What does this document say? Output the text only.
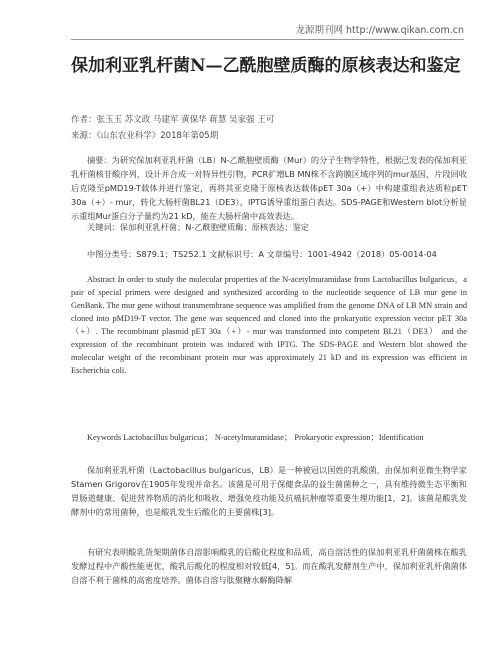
龙源期刊网 http://www.qikan.com.cn
保加利亚乳杆菌N—乙酰胞壁质酶的原核表达和鉴定
作者：张玉玉 苏文政 马建军 黄保华 蒋慧 吴家强 王可
来源：《山东农业科学》2018年第05期

摘要：为研究保加利亚乳杆菌（LB）N-乙酰胞壁质酶（Mur）的分子生物学特性，根据已发表的保加利亚乳杆菌核苷酸序列，设计并合成一对特异性引物，PCR扩增LB MN株不含跨膜区域序列的mur基因，片段回收后克隆至pMD19-T载体并进行鉴定，再将其亚克隆于原核表达载体pET 30a（+）中构建重组表达质粒pET 30a（+）- mur，转化大肠杆菌BL21（DE3），IPTG诱导重组蛋白表达。SDS-PAGE和Western blot分析显示重组Mur蛋白分子量约为21 kD，能在大肠杆菌中高效表达。

关键词：保加利亚乳杆菌；N-乙酰胞壁质酶；原核表达；鉴定

中图分类号：S879.1；TS252.1 文献标识号：A 文章编号：1001-4942（2018）05-0014-04

Abstract In order to study the molecular properties of the N-acetylmuramidase from Lactobacillus bulgaricus，a pair of special primers were designed and synthesized according to the nucleotide sequence of LB mur gene in GenBank. The mur gene without transmembrane sequence was amplified from the genome DNA of LB MN strain and cloned into pMD19-T vector. The gene was sequenced and cloned into the prokaryotic expression vector pET 30a（+）. The recombinant plasmid pET 30a（+）- mur was transformed into competent BL21（DE3） and the expression of the recombinant protein was induced with IPTG. The SDS-PAGE and Western blot showed the molecular weight of the recombinant protein mur was approximately 21 kD and its expression was efficient in Escherichia coli.

Keywords Lactobacillus bulgaricus； N-acetylmuramidase； Prokaryotic expression；Identification

保加利亚乳杆菌（Lactobacillus bulgaricus，LB）是一种被冠以国姓的乳酸菌，由保加利亚微生物学家Stamen Grigorov在1905年发现并命名。该菌是可用于保健食品的益生菌菌种之一，具有维持微生态平衡和胃肠道健康、促进营养物质的消化和吸收、增强免疫功能及抗癌抗肿瘤等重要生理功能[1，2]。该菌是酸乳发酵剂中的常用菌种，也是酸乳发生后酸化的主要菌株[3]。

有研究表明酸乳货架期菌体自溶影响酸乳的后酸化程度和品质，高自溶活性的保加利亚乳杆菌菌株在酸乳发酵过程中产酸性能更优，酸乳后酸化的程度相对较低[4，5]。而在酸乳发酵剂生产中，保加利亚乳杆菌菌体自溶不利于菌株的高密度培养。菌体自溶与肽聚糖水解酶降解
